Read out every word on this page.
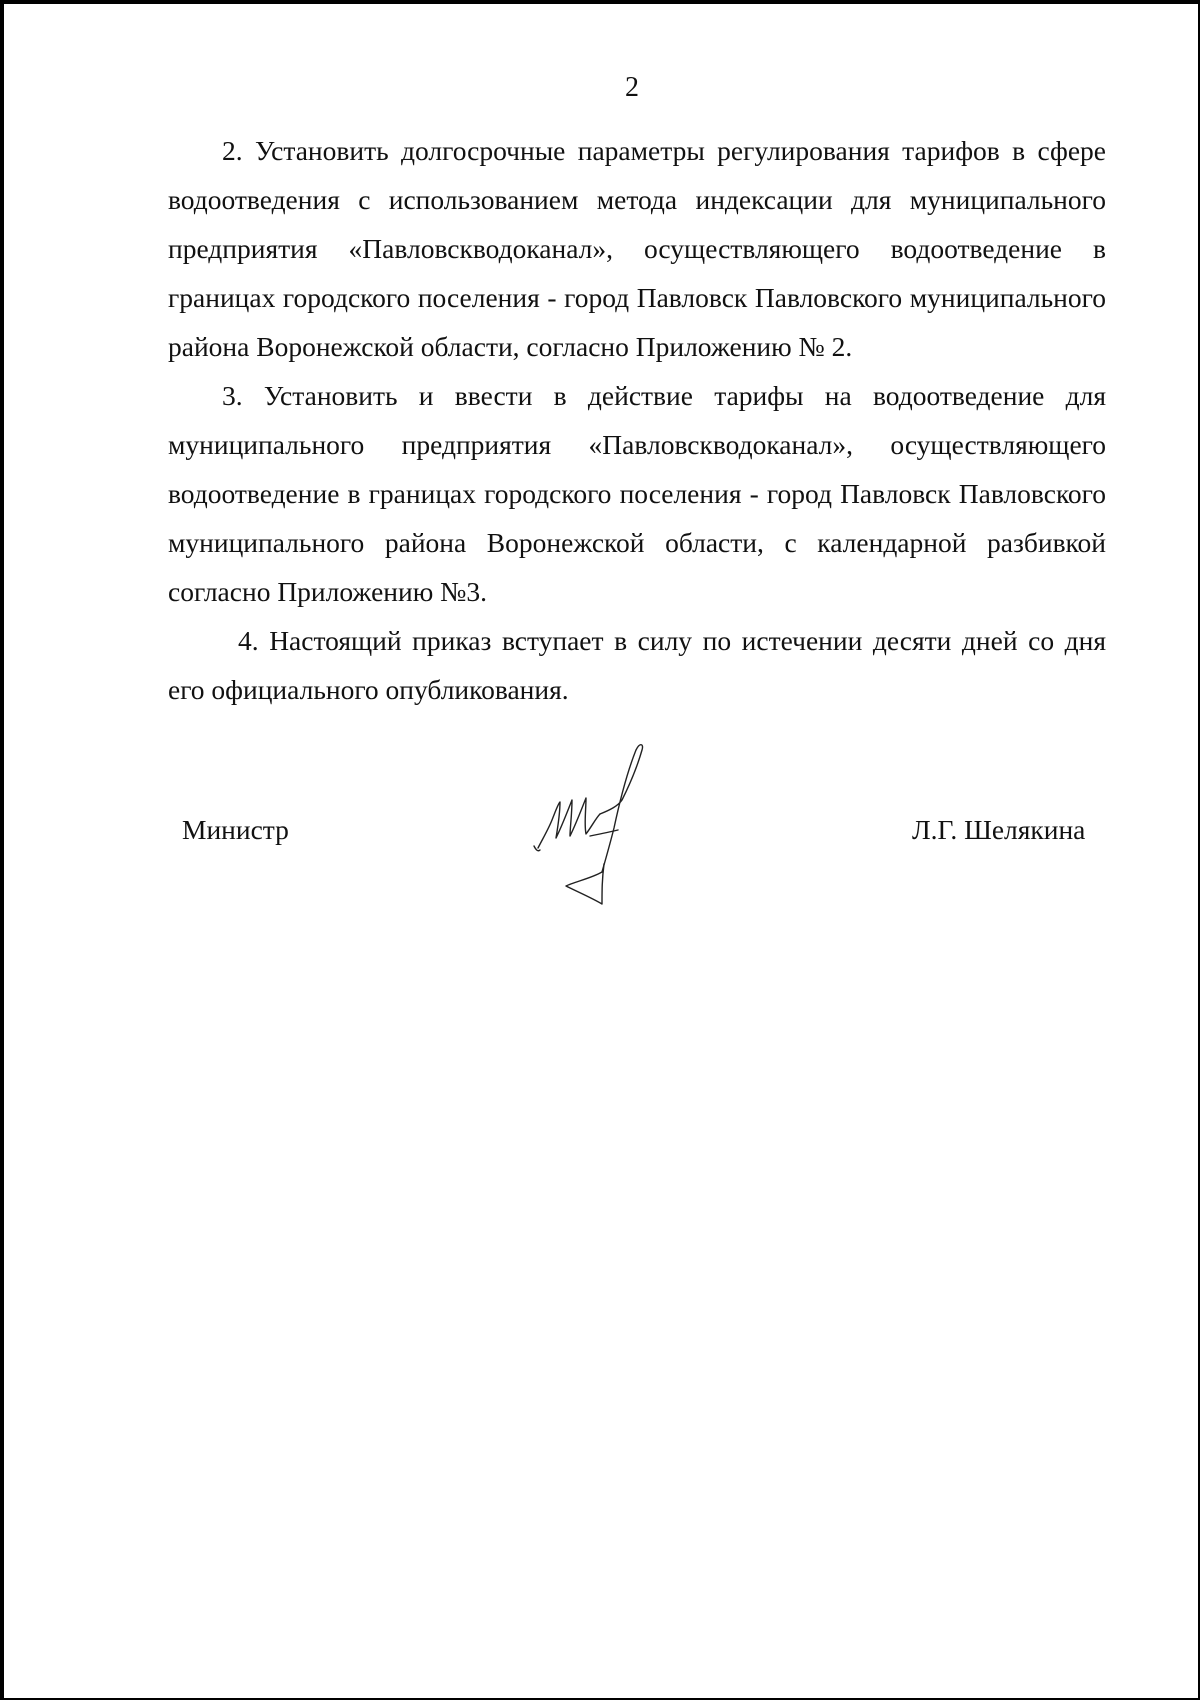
2

2. Установить долгосрочные параметры регулирования тарифов в сфере водоотведения с использованием метода индексации для муниципального предприятия «Павловскводоканал», осуществляющего водоотведение в границах городского поселения - город Павловск Павловского муниципального района Воронежской области, согласно Приложению № 2.

3. Установить и ввести в действие тарифы на водоотведение для муниципального предприятия «Павловскводоканал», осуществляющего водоотведение в границах городского поселения - город Павловск Павловского муниципального района Воронежской области, с календарной разбивкой согласно Приложению №3.

4. Настоящий приказ вступает в силу по истечении десяти дней со дня его официального опубликования.

Министр	Л.Г. Шелякина
